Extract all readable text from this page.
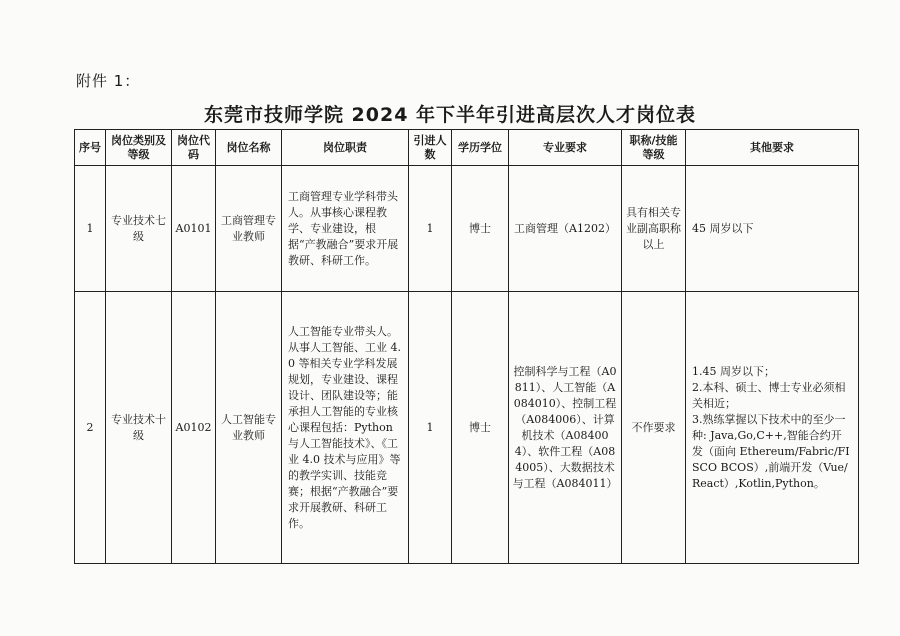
附件 1：
东莞市技师学院 2024 年下半年引进高层次人才岗位表
序号	岗位类别及等级	岗位代码	岗位名称	岗位职责	引进人数	学历学位	专业要求	职称/技能等级	其他要求
1	专业技术七级	A0101	工商管理专业教师	工商管理专业学科带头人。从事核心课程教学、专业建设，根据“产教融合”要求开展教研、科研工作。	1	博士	工商管理（A1202）	具有相关专业副高职称以上	45 周岁以下

2	专业技术十级	A0102	人工智能专业教师	人工智能专业带头人。从事人工智能、工业 4.0 等相关专业学科发展规划，专业建设、课程设计、团队建设等；能承担人工智能的专业核心课程包括：Python 与人工智能技术》、《工业 4.0 技术与应用》等的教学实训、技能竞赛；根据“产教融合”要求开展教研、科研工作。	1	博士	控制科学与工程（A0811）、人工智能（A084010）、控制工程（A084006）、计算机技术（A084004）、软件工程（A084005）、大数据技术与工程（A084011）	不作要求	1.45 周岁以下；
2.本科、硕士、博士专业必须相关相近；
3.熟练掌握以下技术中的至少一种: Java,Go,C++,智能合约开发（面向 Ethereum/Fabric/FISCO BCOS）,前端开发（Vue/React）,Kotlin,Python。
